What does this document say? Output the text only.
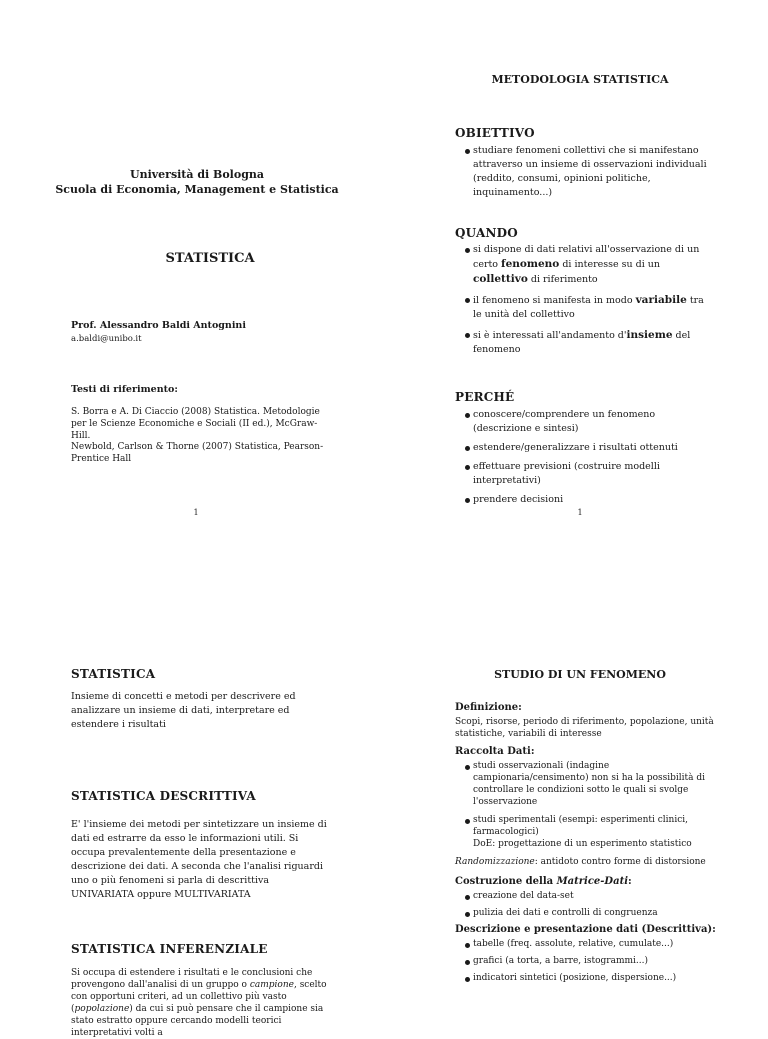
Università di Bologna
Scuola di Economia, Management e Statistica
STATISTICA
Prof. Alessandro Baldi Antognini
a.baldi@unibo.it
Testi di riferimento:
S. Borra e A. Di Ciaccio (2008) Statistica. Metodologie per le Scienze Economiche e Sociali (II ed.), McGraw-Hill.
Newbold, Carlson & Thorne (2007) Statistica, Pearson-Prentice Hall
1
METODOLOGIA STATISTICA
OBIETTIVO
studiare fenomeni collettivi che si manifestano attraverso un insieme di osservazioni individuali (reddito, consumi, opinioni politiche, inquinamento...)
QUANDO
si dispone di dati relativi all'osservazione di un certo fenomeno di interesse su di un collettivo di riferimento
il fenomeno si manifesta in modo variabile tra le unità del collettivo
si è interessati all'andamento d'insieme del fenomeno
PERCHÉ
conoscere/comprendere un fenomeno (descrizione e sintesi)
estendere/generalizzare i risultati ottenuti
effettuare previsioni (costruire modelli interpretativi)
prendere decisioni
1
STATISTICA
Insieme di concetti e metodi per descrivere ed analizzare un insieme di dati, interpretare ed estendere i risultati
STATISTICA DESCRITTIVA
E' l'insieme dei metodi per sintetizzare un insieme di dati ed estrarre da esso le informazioni utili. Si occupa prevalentemente della presentazione e descrizione dei dati. A seconda che l'analisi riguardi uno o più fenomeni si parla di descrittiva UNIVARIATA oppure MULTIVARIATA
STATISTICA INFERENZIALE
Si occupa di estendere i risultati e le conclusioni che provengono dall'analisi di un gruppo o campione, scelto con opportuni criteri, ad un collettivo più vasto (popolazione) da cui si può pensare che il campione sia stato estratto oppure cercando modelli teorici interpretativi volti a
STUDIO DI UN FENOMENO
Definizione:
Scopi, risorse, periodo di riferimento, popolazione, unità statistiche, variabili di interesse
Raccolta Dati:
studi osservazionali (indagine campionaria/censimento) non si ha la possibilità di controllare le condizioni sotto le quali si svolge l'osservazione
studi sperimentali (esempi: esperimenti clinici, farmacologici)
DoE: progettazione di un esperimento statistico
Randomizzazione: antidoto contro forme di distorsione
Costruzione della Matrice-Dati:
creazione del data-set
pulizia dei dati e controlli di congruenza
Descrizione e presentazione dati (Descrittiva):
tabelle (freq. assolute, relative, cumulate...)
grafici (a torta, a barre, istogrammi...)
indicatori sintetici (posizione, dispersione...)
